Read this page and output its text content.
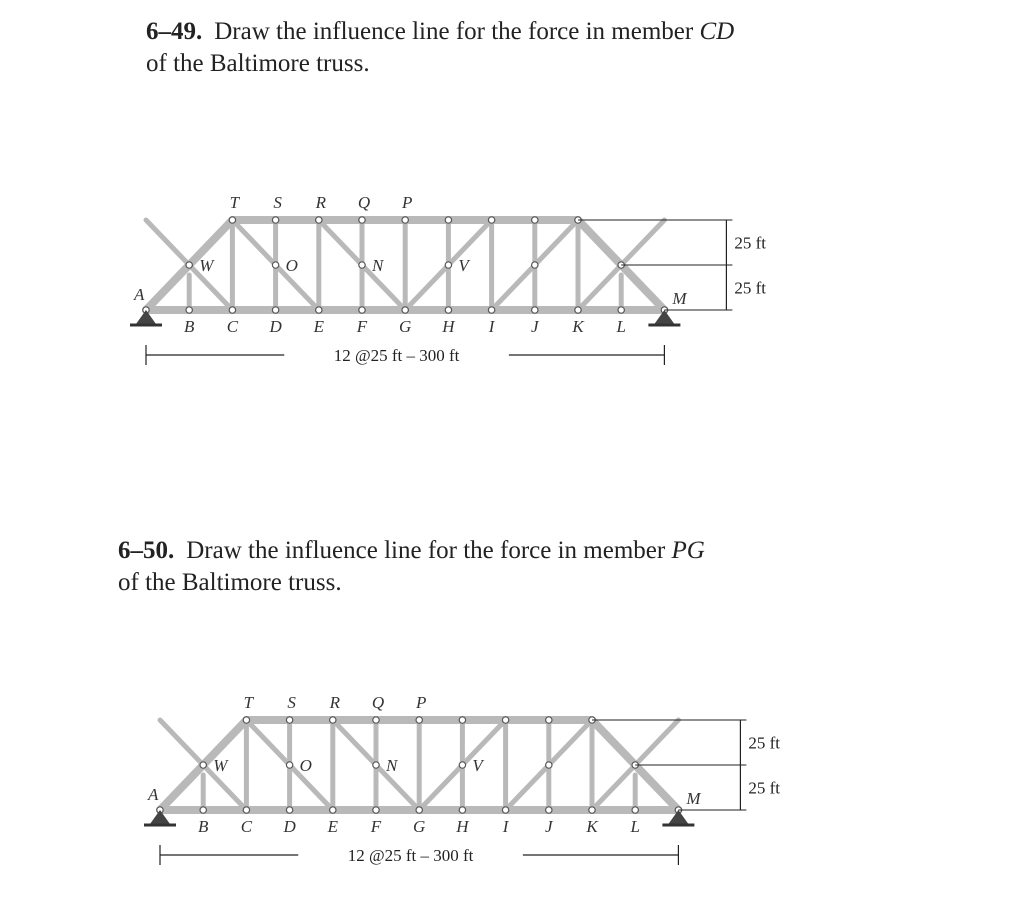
6–49. Draw the influence line for the force in member CD
of the Baltimore truss.
T S R Q P
W	O	N	V
B C D E F G H I J K L
A	M
25 ft
25 ft
12 @25 ft – 300 ft
6–50. Draw the influence line for the force in member PG
of the Baltimore truss.
T S R Q P
W	O	N	V
B C D E F G H I J K L
A	M
25 ft
25 ft
12 @25 ft – 300 ft
